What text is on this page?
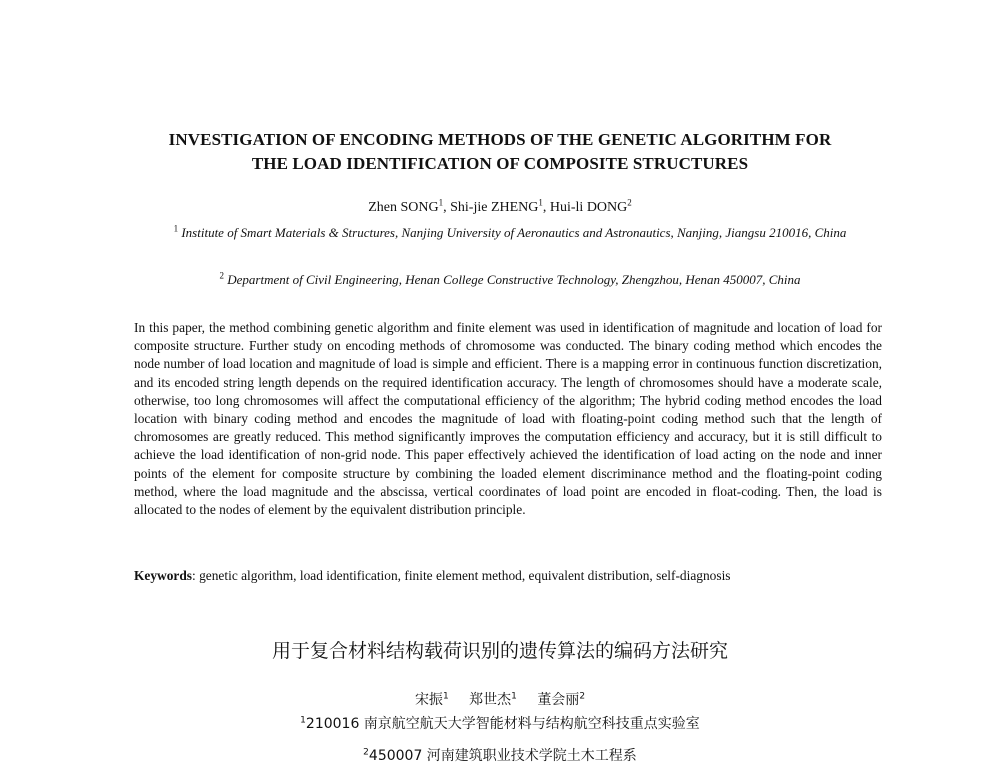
INVESTIGATION OF ENCODING METHODS OF THE GENETIC ALGORITHM FOR
THE LOAD IDENTIFICATION OF COMPOSITE STRUCTURES
Zhen SONG$^1$, Shi-jie ZHENG$^1$, Hui-li DONG$^2$
$^1$ Institute of Smart Materials & Structures, Nanjing University of Aeronautics and Astronautics, Nanjing, Jiangsu 210016, China
$^2$ Department of Civil Engineering, Henan College Constructive Technology, Zhengzhou, Henan 450007, China
In this paper, the method combining genetic algorithm and finite element was used in identification of magnitude and location of load for composite structure. Further study on encoding methods of chromosome was conducted. The binary coding method which encodes the node number of load location and magnitude of load is simple and efficient. There is a mapping error in continuous function discretization, and its encoded string length depends on the required identification accuracy. The length of chromosomes should have a moderate scale, otherwise, too long chromosomes will affect the computational efficiency of the algorithm; The hybrid coding method encodes the load location with binary coding method and encodes the magnitude of load with floating-point coding method such that the length of chromosomes are greatly reduced. This method significantly improves the computation efficiency and accuracy, but it is still difficult to achieve the load identification of non-grid node. This paper effectively achieved the identification of load acting on the node and inner points of the element for composite structure by combining the loaded element discriminance method and the floating-point coding method, where the load magnitude and the abscissa, vertical coordinates of load point are encoded in float-coding. Then, the load is allocated to the nodes of element by the equivalent distribution principle.
Keywords: genetic algorithm, load identification, finite element method, equivalent distribution, self-diagnosis
用于复合材料结构载荷识别的遗传算法的编码方法研究
宋振$^1$ 郑世杰$^1$ 董会丽$^2$
$^1$210016 南京航空航天大学智能材料与结构航空科技重点实验室
$^2$450007 河南建筑职业技术学院土木工程系
